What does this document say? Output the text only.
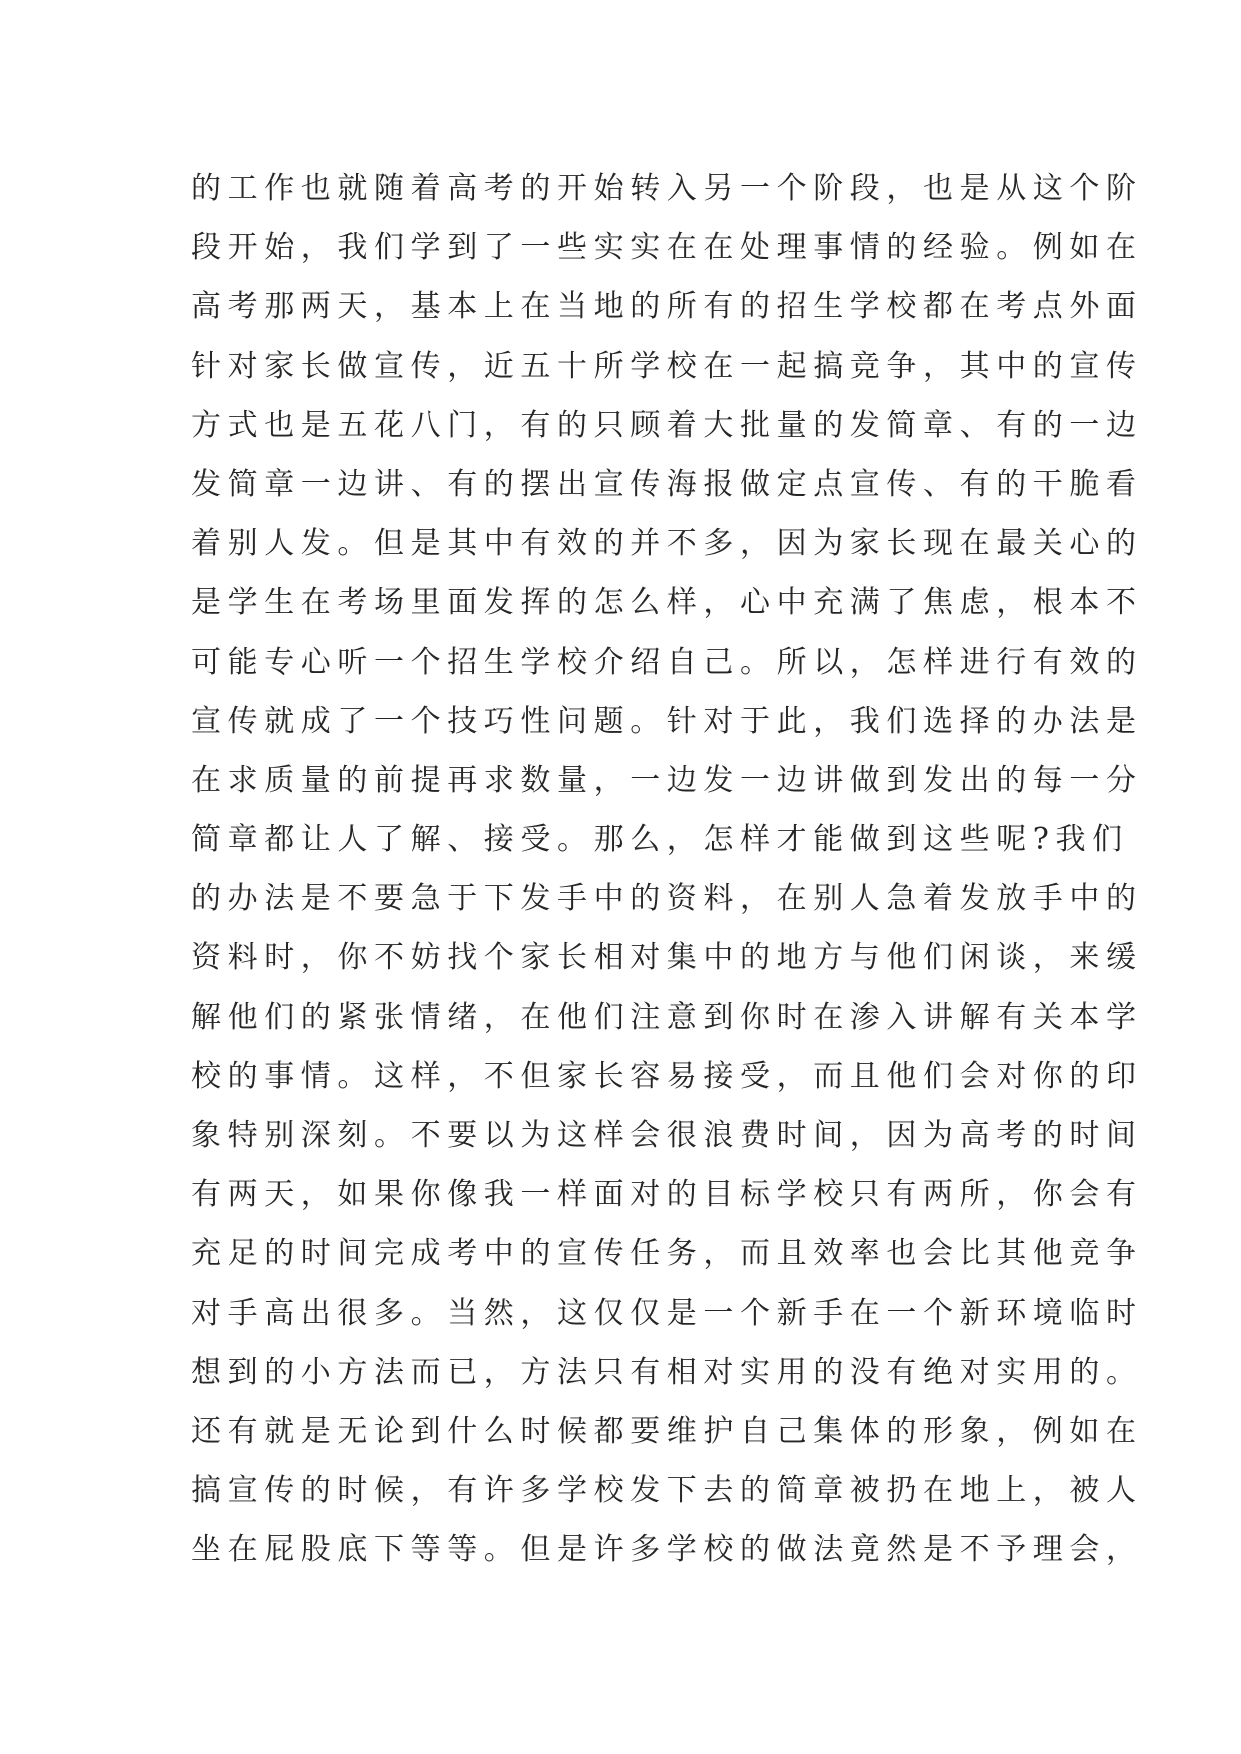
的工作也就随着高考的开始转入另一个阶段，也是从这个阶
段开始，我们学到了一些实实在在处理事情的经验。例如在
高考那两天，基本上在当地的所有的招生学校都在考点外面
针对家长做宣传，近五十所学校在一起搞竞争，其中的宣传
方式也是五花八门，有的只顾着大批量的发简章、有的一边
发简章一边讲、有的摆出宣传海报做定点宣传、有的干脆看
着别人发。但是其中有效的并不多，因为家长现在最关心的
是学生在考场里面发挥的怎么样，心中充满了焦虑，根本不
可能专心听一个招生学校介绍自己。所以，怎样进行有效的
宣传就成了一个技巧性问题。针对于此，我们选择的办法是
在求质量的前提再求数量，一边发一边讲做到发出的每一分
简章都让人了解、接受。那么，怎样才能做到这些呢?我们
的办法是不要急于下发手中的资料，在别人急着发放手中的
资料时，你不妨找个家长相对集中的地方与他们闲谈，来缓
解他们的紧张情绪，在他们注意到你时在渗入讲解有关本学
校的事情。这样，不但家长容易接受，而且他们会对你的印
象特别深刻。不要以为这样会很浪费时间，因为高考的时间
有两天，如果你像我一样面对的目标学校只有两所，你会有
充足的时间完成考中的宣传任务，而且效率也会比其他竞争
对手高出很多。当然，这仅仅是一个新手在一个新环境临时
想到的小方法而已，方法只有相对实用的没有绝对实用的。
还有就是无论到什么时候都要维护自己集体的形象，例如在
搞宣传的时候，有许多学校发下去的简章被扔在地上，被人
坐在屁股底下等等。但是许多学校的做法竟然是不予理会，
